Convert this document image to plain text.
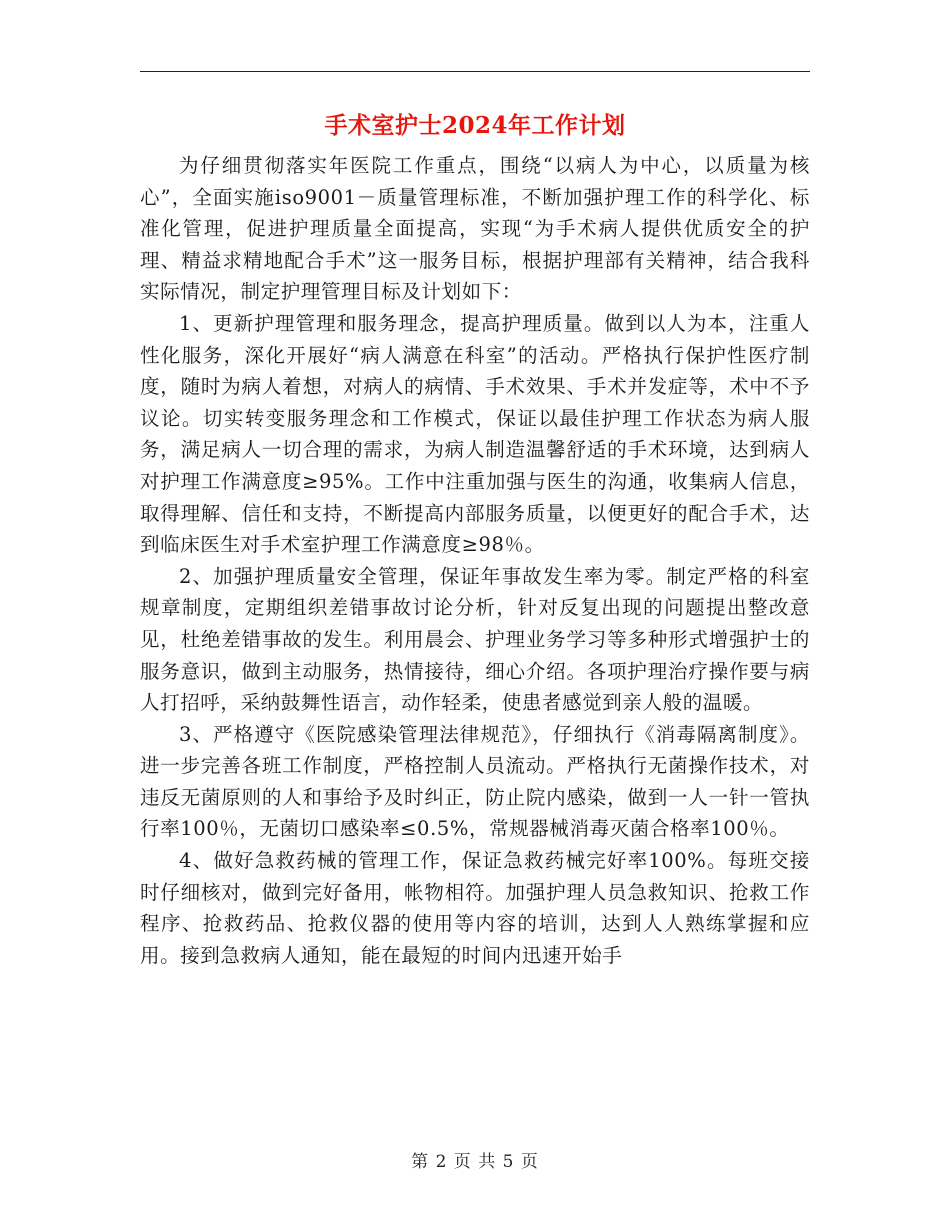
手术室护士2024年工作计划

为仔细贯彻落实年医院工作重点，围绕“以病人为中心，以质量为核心”，全面实施iso9001－质量管理标准，不断加强护理工作的科学化、标准化管理，促进护理质量全面提高，实现“为手术病人提供优质安全的护理、精益求精地配合手术”这一服务目标，根据护理部有关精神，结合我科实际情况，制定护理管理目标及计划如下：

1、更新护理管理和服务理念，提高护理质量。做到以人为本，注重人性化服务，深化开展好“病人满意在科室”的活动。严格执行保护性医疗制度，随时为病人着想，对病人的病情、手术效果、手术并发症等，术中不予议论。切实转变服务理念和工作模式，保证以最佳护理工作状态为病人服务，满足病人一切合理的需求，为病人制造温馨舒适的手术环境，达到病人对护理工作满意度≥95%。工作中注重加强与医生的沟通，收集病人信息，取得理解、信任和支持，不断提高内部服务质量，以便更好的配合手术，达到临床医生对手术室护理工作满意度≥98％。

2、加强护理质量安全管理，保证年事故发生率为零。制定严格的科室规章制度，定期组织差错事故讨论分析，针对反复出现的问题提出整改意见，杜绝差错事故的发生。利用晨会、护理业务学习等多种形式增强护士的服务意识，做到主动服务，热情接待，细心介绍。各项护理治疗操作要与病人打招呼，采纳鼓舞性语言，动作轻柔，使患者感觉到亲人般的温暖。

3、严格遵守《医院感染管理法律规范》，仔细执行《消毒隔离制度》。进一步完善各班工作制度，严格控制人员流动。严格执行无菌操作技术，对违反无菌原则的人和事给予及时纠正，防止院内感染，做到一人一针一管执行率100％，无菌切口感染率≤0.5%，常规器械消毒灭菌合格率100％。

4、做好急救药械的管理工作，保证急救药械完好率100%。每班交接时仔细核对，做到完好备用，帐物相符。加强护理人员急救知识、抢救工作程序、抢救药品、抢救仪器的使用等内容的培训，达到人人熟练掌握和应用。接到急救病人通知，能在最短的时间内迅速开始手

第 2 页 共 5 页
